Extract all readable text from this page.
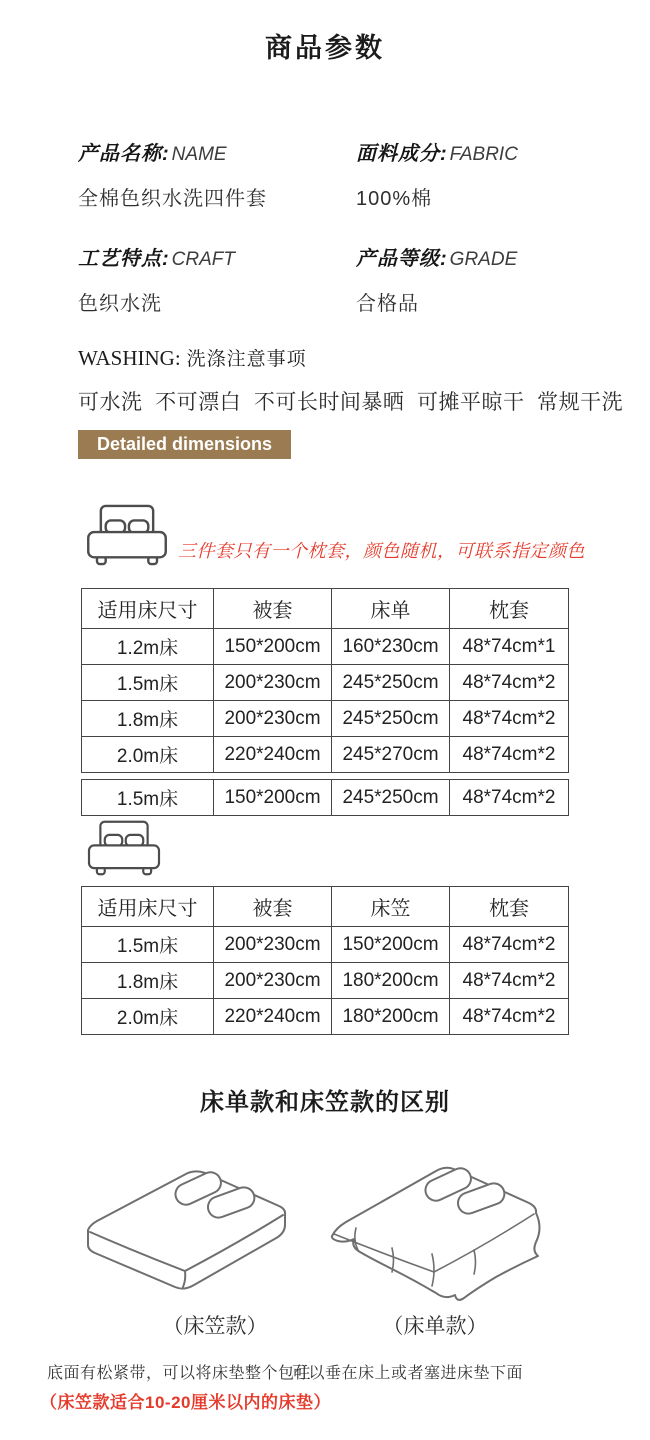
商品参数
产品名称: NAME	面料成分: FABRIC
全棉色织水洗四件套	100%棉
工艺特点: CRAFT	产品等级: GRADE
色织水洗	合格品
WASHING: 洗涤注意事项
可水洗  不可漂白  不可长时间暴晒  可摊平晾干  常规干洗
Detailed dimensions
三件套只有一个枕套，颜色随机，可联系指定颜色
适用床尺寸	被套	床单	枕套
1.2m床	150*200cm	160*230cm	48*74cm*1
1.5m床	200*230cm	245*250cm	48*74cm*2
1.8m床	200*230cm	245*250cm	48*74cm*2
2.0m床	220*240cm	245*270cm	48*74cm*2
1.5m床	150*200cm	245*250cm	48*74cm*2
适用床尺寸	被套	床笠	枕套
1.5m床	200*230cm	150*200cm	48*74cm*2
1.8m床	200*230cm	180*200cm	48*74cm*2
2.0m床	220*240cm	180*200cm	48*74cm*2
床单款和床笠款的区别
（床笠款）	（床单款）
底面有松紧带，可以将床垫整个包住
可以垂在床上或者塞进床垫下面
（床笠款适合10-20厘米以内的床垫）
